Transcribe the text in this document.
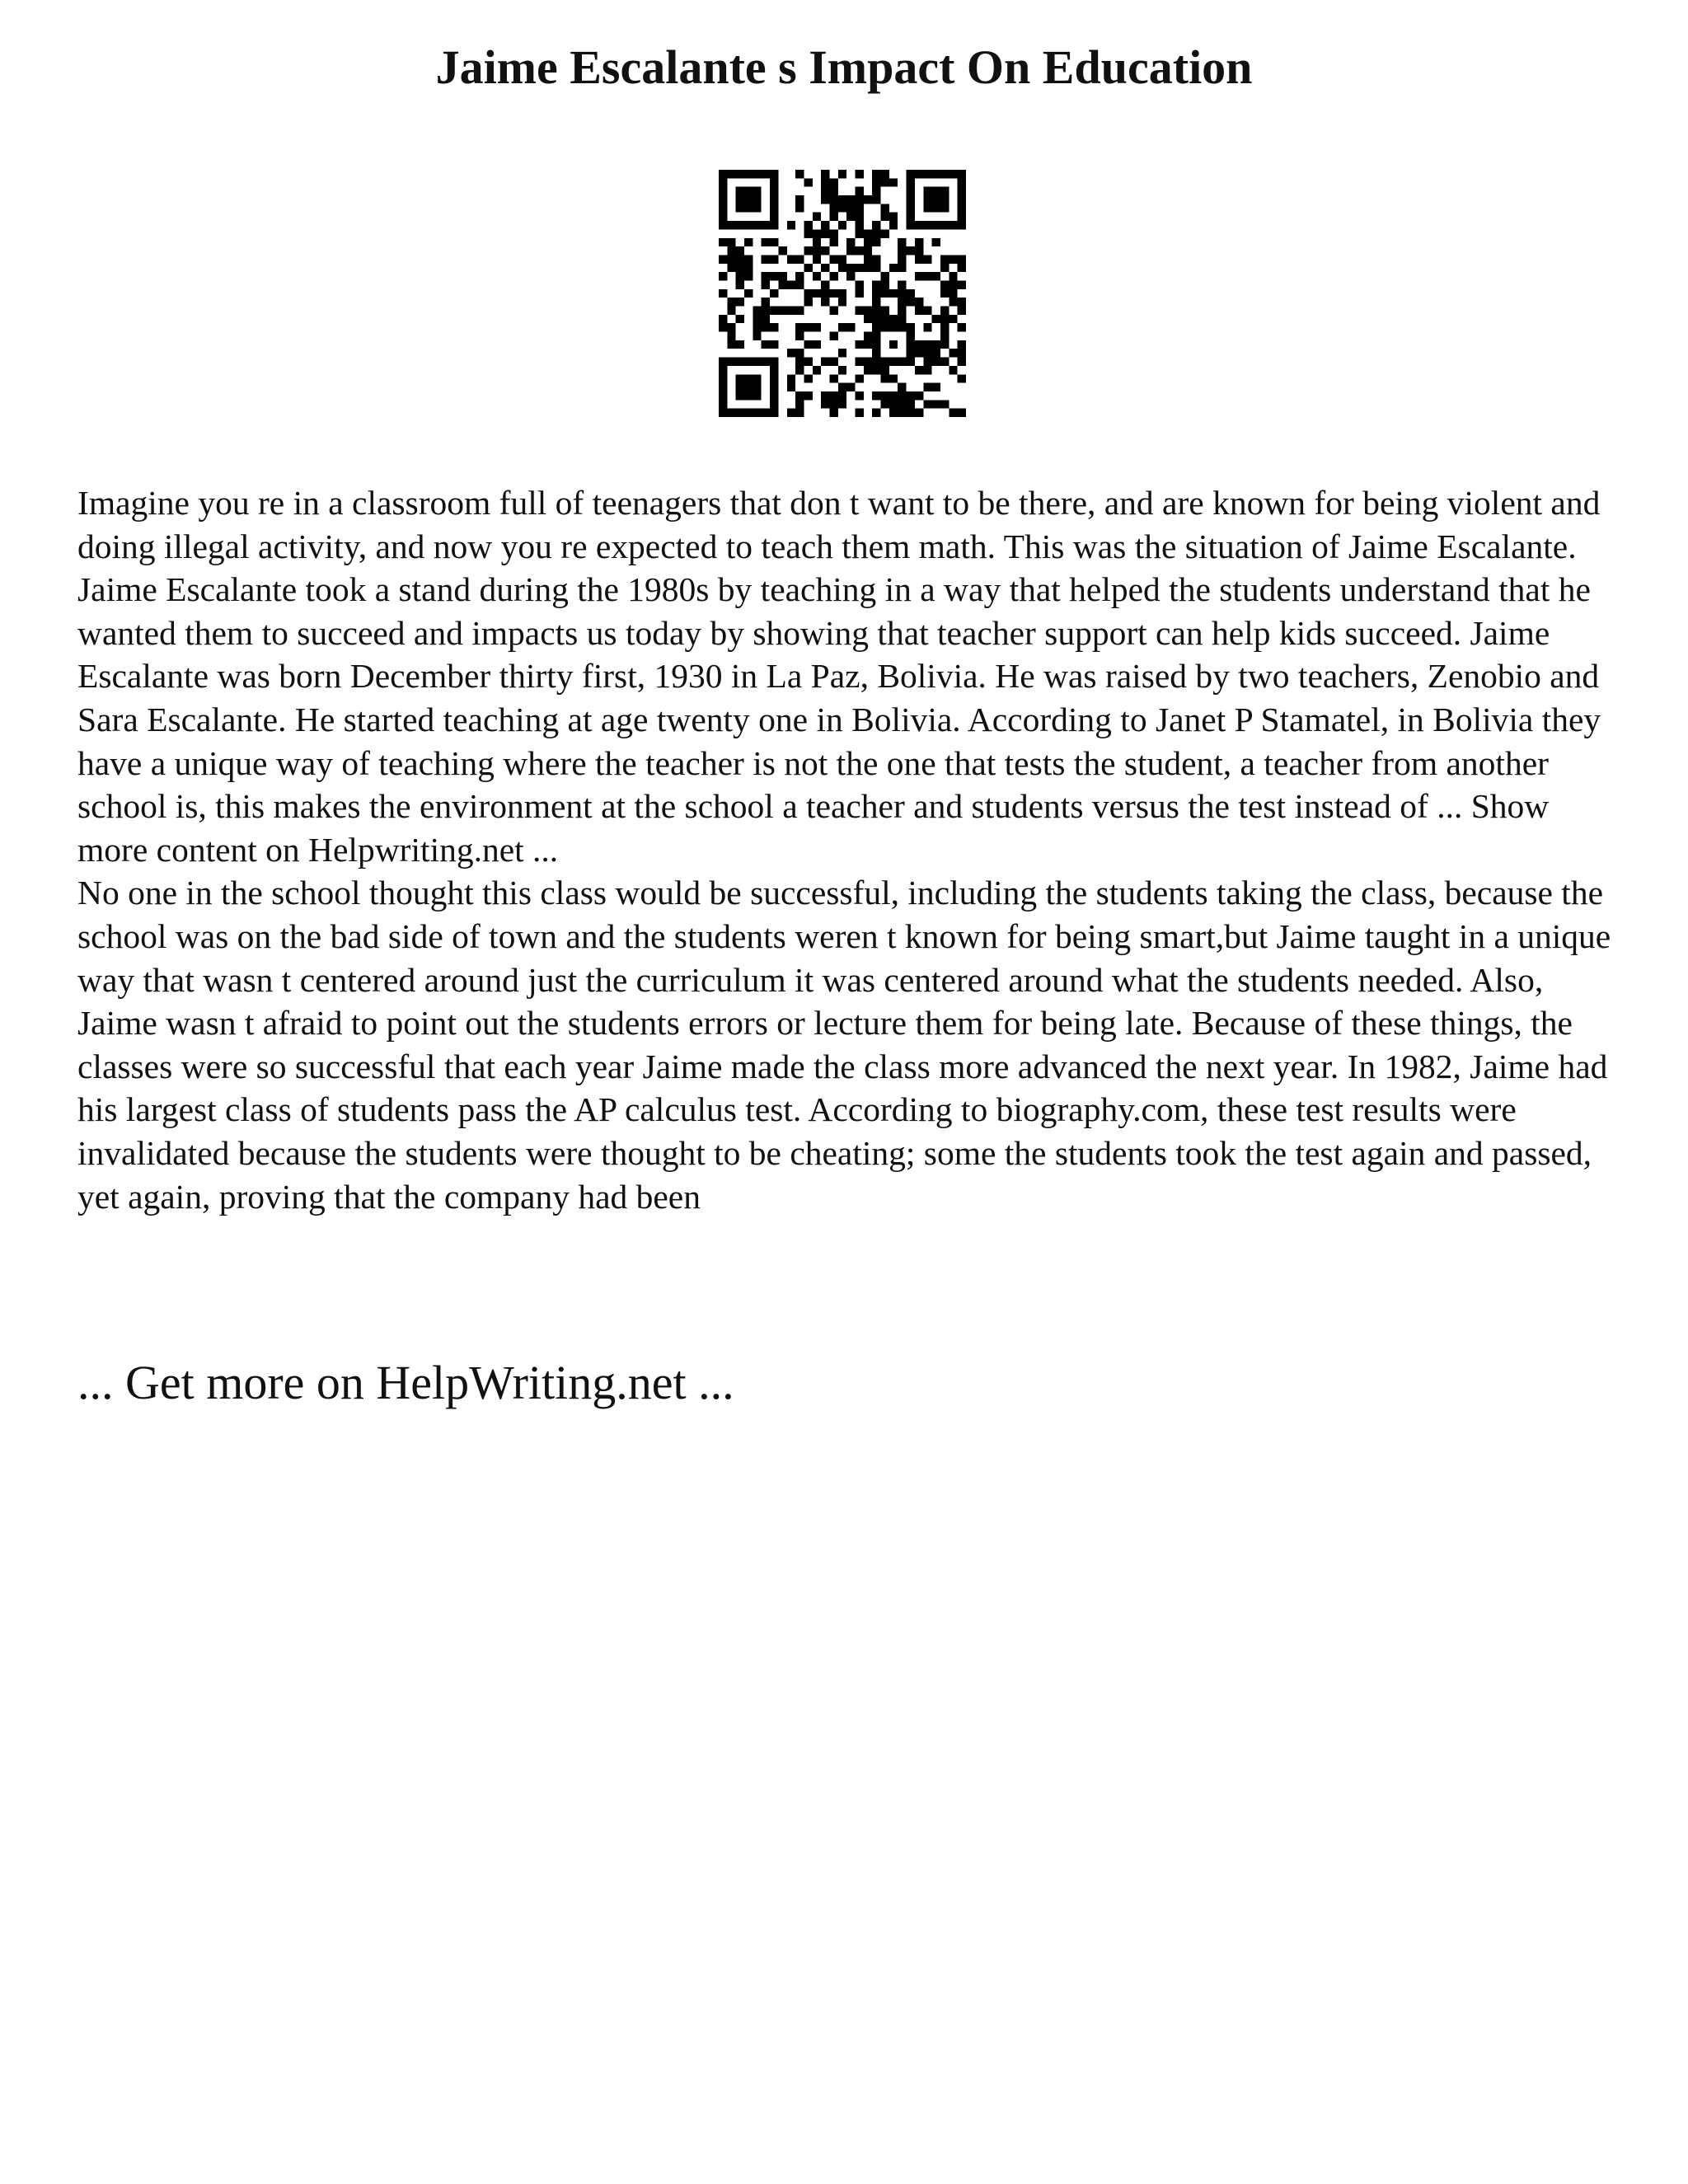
Jaime Escalante s Impact On Education

Imagine you re in a classroom full of teenagers that don t want to be there, and are known for being violent and doing illegal activity, and now you re expected to teach them math. This was the situation of Jaime Escalante. Jaime Escalante took a stand during the 1980s by teaching in a way that helped the students understand that he wanted them to succeed and impacts us today by showing that teacher support can help kids succeed. Jaime Escalante was born December thirty first, 1930 in La Paz, Bolivia. He was raised by two teachers, Zenobio and Sara Escalante. He started teaching at age twenty one in Bolivia. According to Janet P Stamatel, in Bolivia they have a unique way of teaching where the teacher is not the one that tests the student, a teacher from another school is, this makes the environment at the school a teacher and students versus the test instead of ... Show more content on Helpwriting.net ...

No one in the school thought this class would be successful, including the students taking the class, because the school was on the bad side of town and the students weren t known for being smart,but Jaime taught in a unique way that wasn t centered around just the curriculum it was centered around what the students needed. Also, Jaime wasn t afraid to point out the students errors or lecture them for being late. Because of these things, the classes were so successful that each year Jaime made the class more advanced the next year. In 1982, Jaime had his largest class of students pass the AP calculus test. According to biography.com, these test results were invalidated because the students were thought to be cheating; some the students took the test again and passed, yet again, proving that the company had been

... Get more on HelpWriting.net ...
